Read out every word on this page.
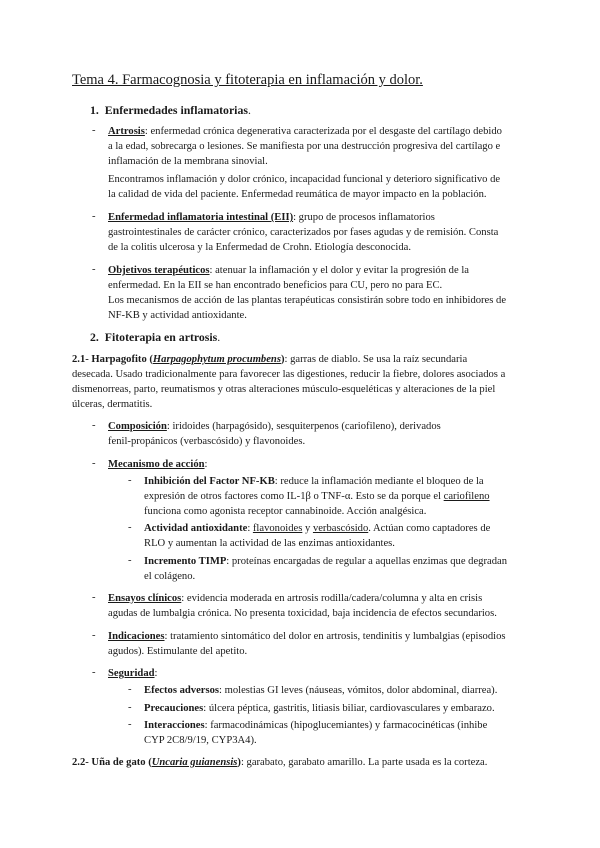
Tema 4. Farmacognosia y fitoterapia en inflamación y dolor.
1. Enfermedades inflamatorias.
- Artrosis: enfermedad crónica degenerativa caracterizada por el desgaste del cartílago debido
a la edad, sobrecarga o lesiones. Se manifiesta por una destrucción progresiva del cartílago e
inflamación de la membrana sinovial.
Encontramos inflamación y dolor crónico, incapacidad funcional y deterioro significativo de
la calidad de vida del paciente. Enfermedad reumática de mayor impacto en la población.
- Enfermedad inflamatoria intestinal (EII): grupo de procesos inflamatorios
gastrointestinales de carácter crónico, caracterizados por fases agudas y de remisión. Consta
de la colitis ulcerosa y la Enfermedad de Crohn. Etiología desconocida.
- Objetivos terapéuticos: atenuar la inflamación y el dolor y evitar la progresión de la
enfermedad. En la EII se han encontrado beneficios para CU, pero no para EC.
Los mecanismos de acción de las plantas terapéuticas consistirán sobre todo en inhibidores de
NF-KB y actividad antioxidante.
2. Fitoterapia en artrosis.
2.1- Harpagofito (Harpagophytum procumbens): garras de diablo. Se usa la raíz secundaria
desecada. Usado tradicionalmente para favorecer las digestiones, reducir la fiebre, dolores asociados a
dismenorreas, parto, reumatismos y otras alteraciones músculo-esqueléticas y alteraciones de la piel
úlceras, dermatitis.
- Composición: iridoides (harpagósido), sesquiterpenos (cariofileno), derivados
fenil-propánicos (verbascósido) y flavonoides.
- Mecanismo de acción:
- Inhibición del Factor NF-KB: reduce la inflamación mediante el bloqueo de la
expresión de otros factores como IL-1β o TNF-α. Esto se da porque el cariofileno
funciona como agonista receptor cannabinoide. Acción analgésica.
- Actividad antioxidante: flavonoides y verbascósido. Actúan como captadores de
RLO y aumentan la actividad de las enzimas antioxidantes.
- Incremento TIMP: proteínas encargadas de regular a aquellas enzimas que degradan
el colágeno.
- Ensayos clínicos: evidencia moderada en artrosis rodilla/cadera/columna y alta en crisis
agudas de lumbalgia crónica. No presenta toxicidad, baja incidencia de efectos secundarios.
- Indicaciones: tratamiento sintomático del dolor en artrosis, tendinitis y lumbalgias (episodios
agudos). Estimulante del apetito.
- Seguridad:
- Efectos adversos: molestias GI leves (náuseas, vómitos, dolor abdominal, diarrea).
- Precauciones: úlcera péptica, gastritis, litiasis biliar, cardiovasculares y embarazo.
- Interacciones: farmacodinámicas (hipoglucemiantes) y farmacocinéticas (inhibe
CYP 2C8/9/19, CYP3A4).
2.2- Uña de gato (Uncaria guianensis): garabato, garabato amarillo. La parte usada es la corteza.
